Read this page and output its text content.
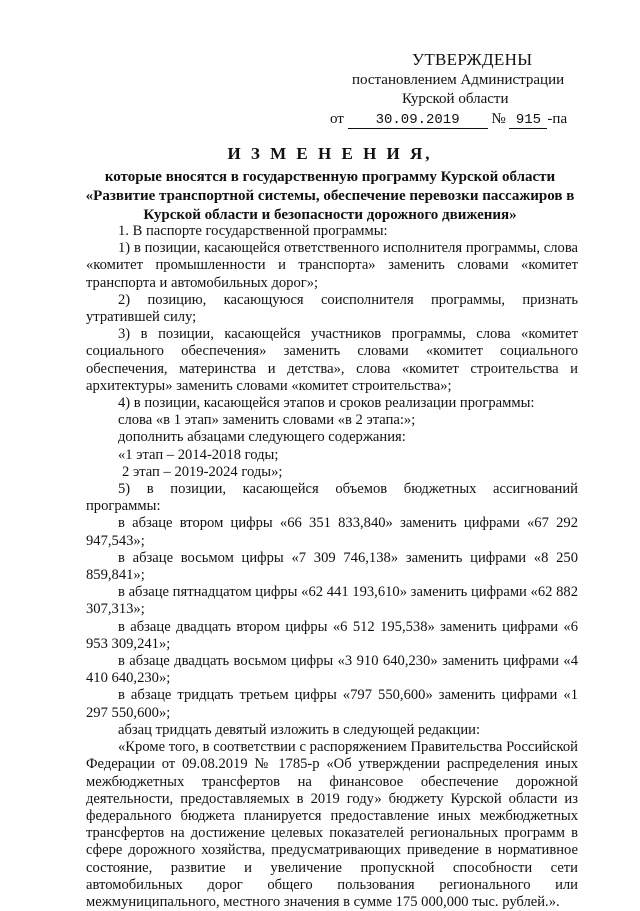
УТВЕРЖДЕНЫ
постановлением Администрации
Курской области
от 30.09.2019 № 915 -па
И З М Е Н Е Н И Я,
которые вносятся в государственную программу Курской области
«Развитие транспортной системы, обеспечение перевозки пассажиров в
Курской области и безопасности дорожного движения»

1. В паспорте государственной программы:

1) в позиции, касающейся ответственного исполнителя программы, слова «комитет промышленности и транспорта» заменить словами «комитет транспорта и автомобильных дорог»;

2) позицию, касающуюся соисполнителя программы, признать утратившей силу;

3) в позиции, касающейся участников программы, слова «комитет социального обеспечения» заменить словами «комитет социального обеспечения, материнства и детства», слова «комитет строительства и архитектуры» заменить словами «комитет строительства»;

4) в позиции, касающейся этапов и сроков реализации программы:

слова «в 1 этап» заменить словами «в 2 этапа:»;

дополнить абзацами следующего содержания:

«1 этап – 2014-2018 годы;

2 этап – 2019-2024 годы»;

5) в позиции, касающейся объемов бюджетных ассигнований программы:

в абзаце втором цифры «66 351 833,840» заменить цифрами «67 292 947,543»;

в абзаце восьмом цифры «7 309 746,138» заменить цифрами «8 250 859,841»;

в абзаце пятнадцатом цифры «62 441 193,610» заменить цифрами «62 882 307,313»;

в абзаце двадцать втором цифры «6 512 195,538» заменить цифрами «6 953 309,241»;

в абзаце двадцать восьмом цифры «3 910 640,230» заменить цифрами «4 410 640,230»;

в абзаце тридцать третьем цифры «797 550,600» заменить цифрами «1 297 550,600»;

абзац тридцать девятый изложить в следующей редакции:

«Кроме того, в соответствии с распоряжением Правительства Российской Федерации от 09.08.2019 № 1785-р «Об утверждении распределения иных межбюджетных трансфертов на финансовое обеспечение дорожной деятельности, предоставляемых в 2019 году» бюджету Курской области из федерального бюджета планируется предоставление иных межбюджетных трансфертов на достижение целевых показателей региональных программ в сфере дорожного хозяйства, предусматривающих приведение в нормативное состояние, развитие и увеличение пропускной способности сети автомобильных дорог общего пользования регионального или межмуниципального, местного значения в сумме 175 000,000 тыс. рублей.».
